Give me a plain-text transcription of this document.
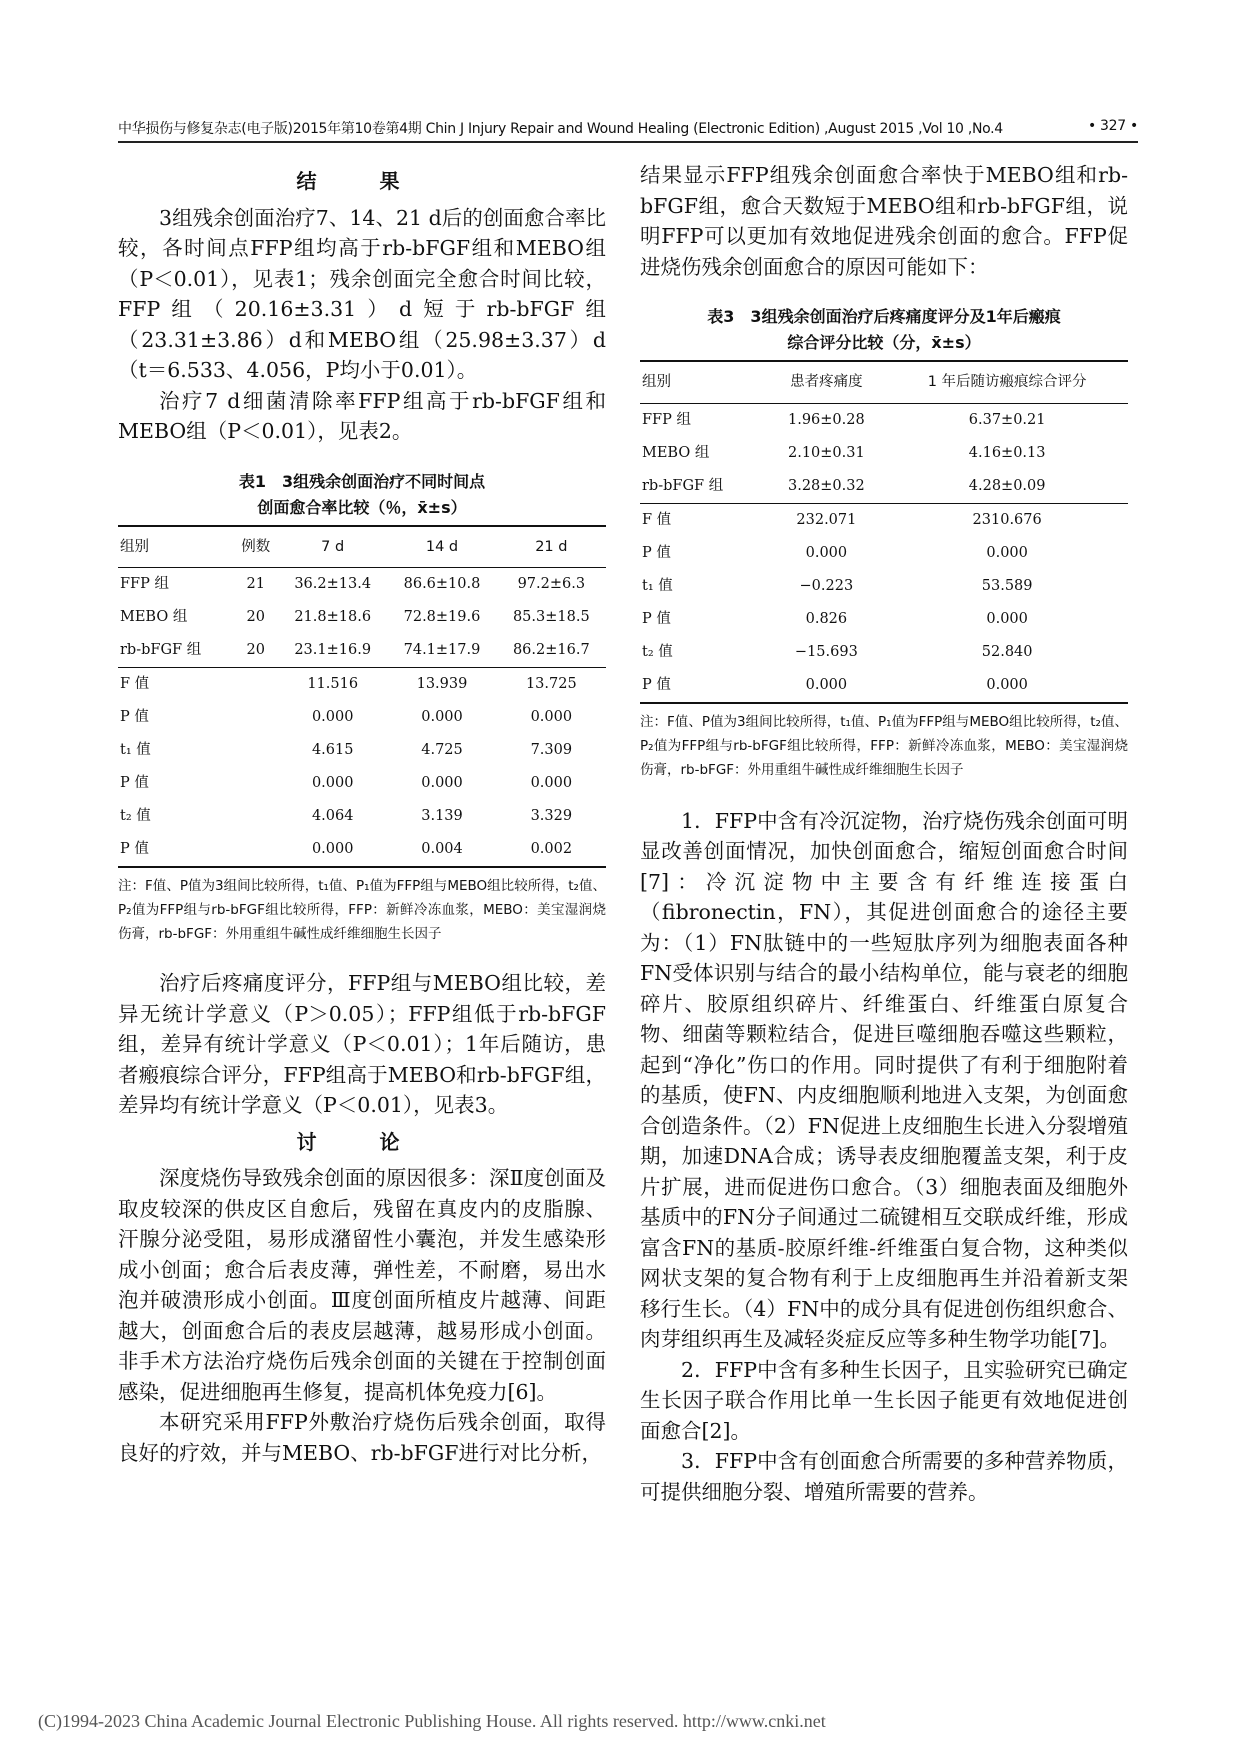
中华损伤与修复杂志(电子版)2015年第10卷第4期 Chin J Injury Repair and Wound Healing (Electronic Edition) ,August 2015 ,Vol 10 ,No.4	• 327 •
结 果

3组残余创面治疗7、14、21 d后的创面愈合率比较，各时间点FFP组均高于rb-bFGF组和MEBO组（P＜0.01），见表1；残余创面完全愈合时间比较，FFP组（20.16±3.31）d短于rb-bFGF组（23.31±3.86）d和MEBO组（25.98±3.37）d（t＝6.533、4.056，P均小于0.01）。

治疗7 d细菌清除率FFP组高于rb-bFGF组和MEBO组（P＜0.01），见表2。

表1　3组残余创面治疗不同时间点
创面愈合率比较（％，x̄±s）
组别	例数	7 d	14 d	21 d
FFP 组	21	36.2±13.4	86.6±10.8	97.2±6.3
MEBO 组	20	21.8±18.6	72.8±19.6	85.3±18.5
rb-bFGF 组	20	23.1±16.9	74.1±17.9	86.2±16.7
F 值		11.516	13.939	13.725
P 值		0.000	0.000	0.000
t₁ 值		4.615	4.725	7.309
P 值		0.000	0.000	0.000
t₂ 值		4.064	3.139	3.329
P 值		0.000	0.004	0.002
注：F值、P值为3组间比较所得，t₁值、P₁值为FFP组与MEBO组比较所得，t₂值、P₂值为FFP组与rb-bFGF组比较所得，FFP：新鲜冷冻血浆，MEBO：美宝湿润烧伤膏，rb-bFGF：外用重组牛碱性成纤维细胞生长因子

治疗后疼痛度评分，FFP组与MEBO组比较，差异无统计学意义（P＞0.05）；FFP组低于rb-bFGF组，差异有统计学意义（P＜0.01）；1年后随访，患者瘢痕综合评分，FFP组高于MEBO和rb-bFGF组，差异均有统计学意义（P＜0.01），见表3。

讨 论

深度烧伤导致残余创面的原因很多：深Ⅱ度创面及取皮较深的供皮区自愈后，残留在真皮内的皮脂腺、汗腺分泌受阻，易形成潴留性小囊泡，并发生感染形成小创面；愈合后表皮薄，弹性差，不耐磨，易出水泡并破溃形成小创面。Ⅲ度创面所植皮片越薄、间距越大，创面愈合后的表皮层越薄，越易形成小创面。非手术方法治疗烧伤后残余创面的关键在于控制创面感染，促进细胞再生修复，提高机体免疫力[6]。

本研究采用FFP外敷治疗烧伤后残余创面，取得良好的疗效，并与MEBO、rb-bFGF进行对比分析，

结果显示FFP组残余创面愈合率快于MEBO组和rb-bFGF组，愈合天数短于MEBO组和rb-bFGF组，说明FFP可以更加有效地促进残余创面的愈合。FFP促进烧伤残余创面愈合的原因可能如下：

表3　3组残余创面治疗后疼痛度评分及1年后瘢痕
综合评分比较（分，x̄±s）
组别	患者疼痛度	1 年后随访瘢痕综合评分
FFP 组	1.96±0.28	6.37±0.21
MEBO 组	2.10±0.31	4.16±0.13
rb-bFGF 组	3.28±0.32	4.28±0.09
F 值	232.071	2310.676
P 值	0.000	0.000
t₁ 值	−0.223	53.589
P 值	0.826	0.000
t₂ 值	−15.693	52.840
P 值	0.000	0.000
注：F值、P值为3组间比较所得，t₁值、P₁值为FFP组与MEBO组比较所得，t₂值、P₂值为FFP组与rb-bFGF组比较所得，FFP：新鲜冷冻血浆，MEBO：美宝湿润烧伤膏，rb-bFGF：外用重组牛碱性成纤维细胞生长因子

1．FFP中含有冷沉淀物，治疗烧伤残余创面可明显改善创面情况，加快创面愈合，缩短创面愈合时间[7]：冷沉淀物中主要含有纤维连接蛋白（fibronectin，FN），其促进创面愈合的途径主要为：（1）FN肽链中的一些短肽序列为细胞表面各种FN受体识别与结合的最小结构单位，能与衰老的细胞碎片、胶原组织碎片、纤维蛋白、纤维蛋白原复合物、细菌等颗粒结合，促进巨噬细胞吞噬这些颗粒，起到“净化”伤口的作用。同时提供了有利于细胞附着的基质，使FN、内皮细胞顺利地进入支架，为创面愈合创造条件。（2）FN促进上皮细胞生长进入分裂增殖期，加速DNA合成；诱导表皮细胞覆盖支架，利于皮片扩展，进而促进伤口愈合。（3）细胞表面及细胞外基质中的FN分子间通过二硫键相互交联成纤维，形成富含FN的基质-胶原纤维-纤维蛋白复合物，这种类似网状支架的复合物有利于上皮细胞再生并沿着新支架移行生长。（4）FN中的成分具有促进创伤组织愈合、肉芽组织再生及减轻炎症反应等多种生物学功能[7]。

2．FFP中含有多种生长因子，且实验研究已确定生长因子联合作用比单一生长因子能更有效地促进创面愈合[2]。

3．FFP中含有创面愈合所需要的多种营养物质，可提供细胞分裂、增殖所需要的营养。

(C)1994-2023 China Academic Journal Electronic Publishing House. All rights reserved. http://www.cnki.net
